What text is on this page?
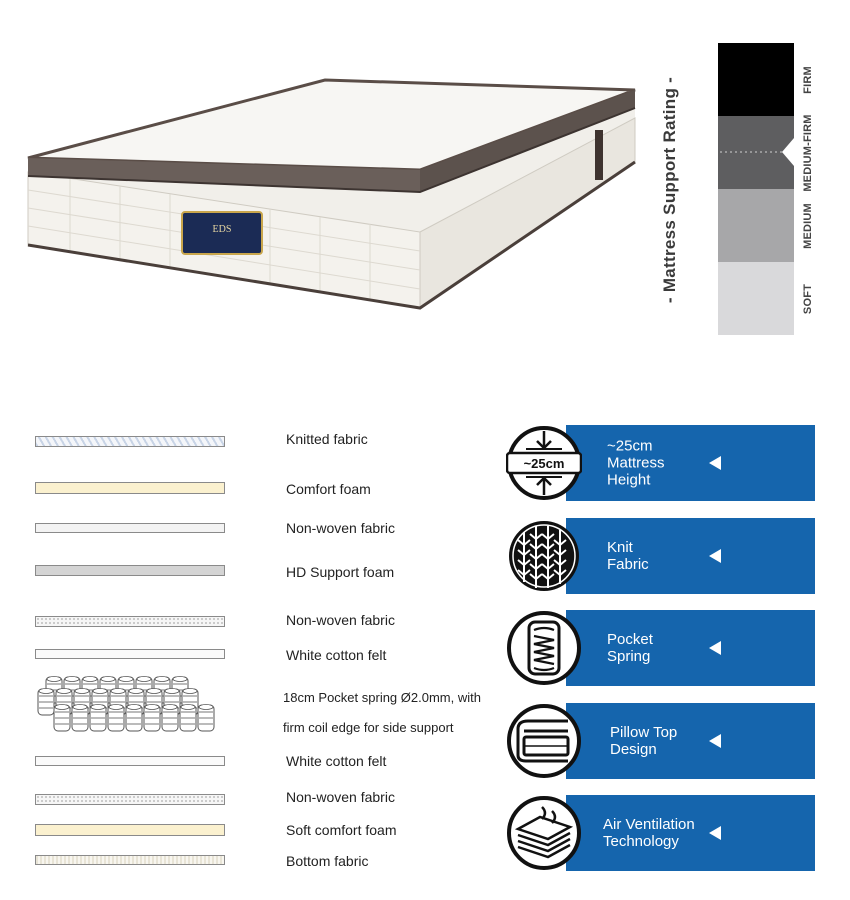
EDS	- Mattress Support Rating -	FIRM
MEDIUM-FIRM
MEDIUM
SOFT
Knitted fabric
Comfort foam
Non-woven fabric
HD Support foam
Non-woven fabric
White cotton felt
18cm Pocket spring Ø2.0mm, with
firm coil edge for side support
White cotton felt
Non-woven fabric
Soft comfort foam
Bottom fabric
~25cm
Mattress
Height
Knit
Fabric
Pocket
Spring
Pillow Top
Design
Air Ventilation
Technology
~25cm
